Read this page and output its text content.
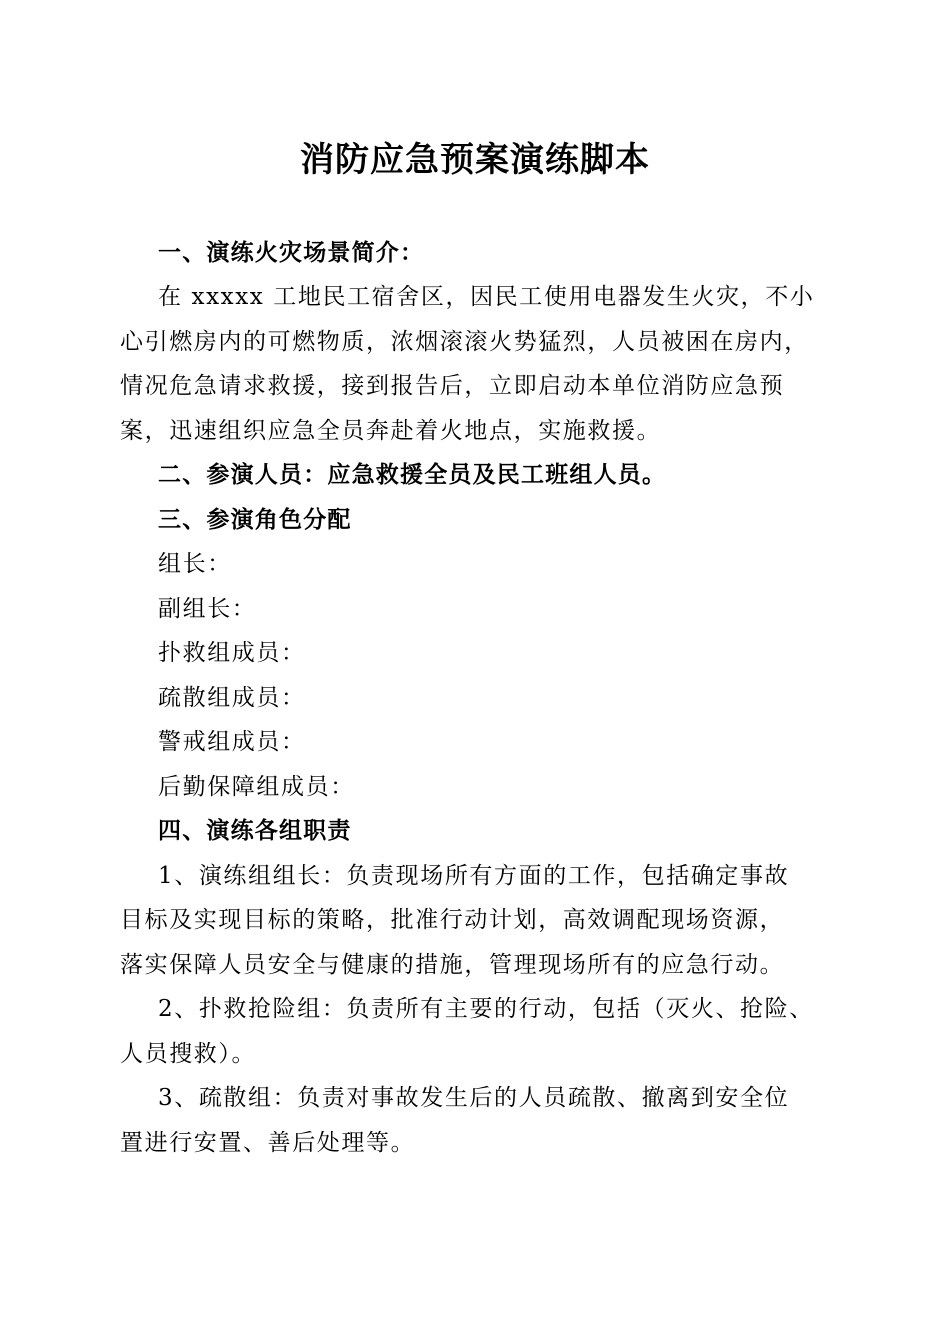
消防应急预案演练脚本

一、演练火灾场景简介：

在 xxxxx 工地民工宿舍区，因民工使用电器发生火灾，不小

心引燃房内的可燃物质，浓烟滚滚火势猛烈，人员被困在房内，

情况危急请求救援，接到报告后，立即启动本单位消防应急预

案，迅速组织应急全员奔赴着火地点，实施救援。

二、参演人员：应急救援全员及民工班组人员。

三、参演角色分配

组长：

副组长：

扑救组成员：

疏散组成员：

警戒组成员：

后勤保障组成员：

四、演练各组职责

1、演练组组长：负责现场所有方面的工作，包括确定事故

目标及实现目标的策略，批准行动计划，高效调配现场资源，

落实保障人员安全与健康的措施，管理现场所有的应急行动。

2、扑救抢险组：负责所有主要的行动，包括（灭火、抢险、

人员搜救）。

3、疏散组：负责对事故发生后的人员疏散、撤离到安全位

置进行安置、善后处理等。
